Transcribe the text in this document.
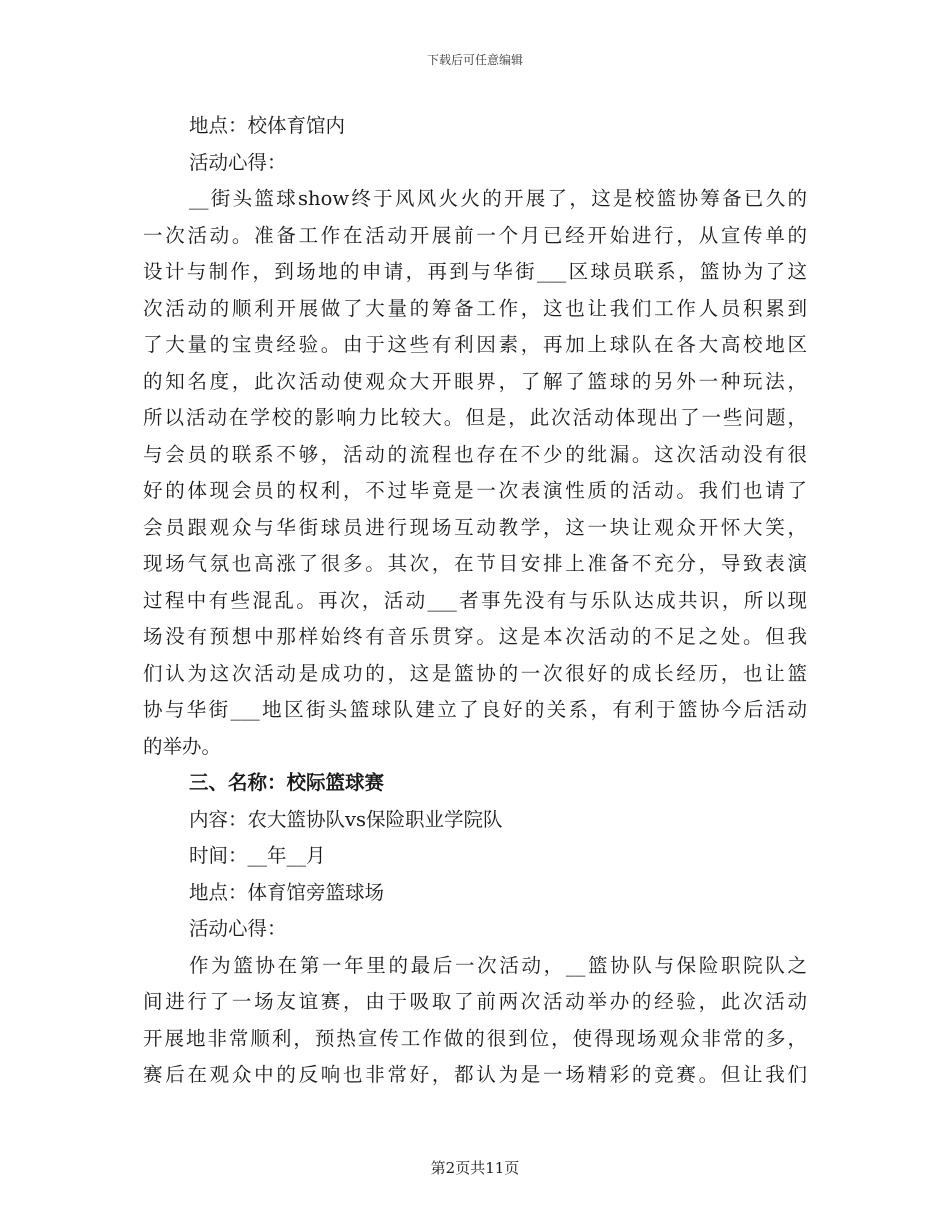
下载后可任意编辑
地点：校体育馆内
活动心得：
__街头篮球show终于风风火火的开展了，这是校篮协筹备已久的
一次活动。准备工作在活动开展前一个月已经开始进行，从宣传单的
设计与制作，到场地的申请，再到与华街___区球员联系，篮协为了这
次活动的顺利开展做了大量的筹备工作，这也让我们工作人员积累到
了大量的宝贵经验。由于这些有利因素，再加上球队在各大高校地区
的知名度，此次活动使观众大开眼界，了解了篮球的另外一种玩法，
所以活动在学校的影响力比较大。但是，此次活动体现出了一些问题，
与会员的联系不够，活动的流程也存在不少的纰漏。这次活动没有很
好的体现会员的权利，不过毕竟是一次表演性质的活动。我们也请了
会员跟观众与华街球员进行现场互动教学，这一块让观众开怀大笑，
现场气氛也高涨了很多。其次，在节目安排上准备不充分，导致表演
过程中有些混乱。再次，活动___者事先没有与乐队达成共识，所以现
场没有预想中那样始终有音乐贯穿。这是本次活动的不足之处。但我
们认为这次活动是成功的，这是篮协的一次很好的成长经历，也让篮
协与华街___地区街头篮球队建立了良好的关系，有利于篮协今后活动
的举办。
三、名称：校际篮球赛
内容：农大篮协队vs保险职业学院队
时间：__年__月
地点：体育馆旁篮球场
活动心得：
作为篮协在第一年里的最后一次活动，__篮协队与保险职院队之
间进行了一场友谊赛，由于吸取了前两次活动举办的经验，此次活动
开展地非常顺利，预热宣传工作做的很到位，使得现场观众非常的多，
赛后在观众中的反响也非常好，都认为是一场精彩的竞赛。但让我们
第2页共11页
